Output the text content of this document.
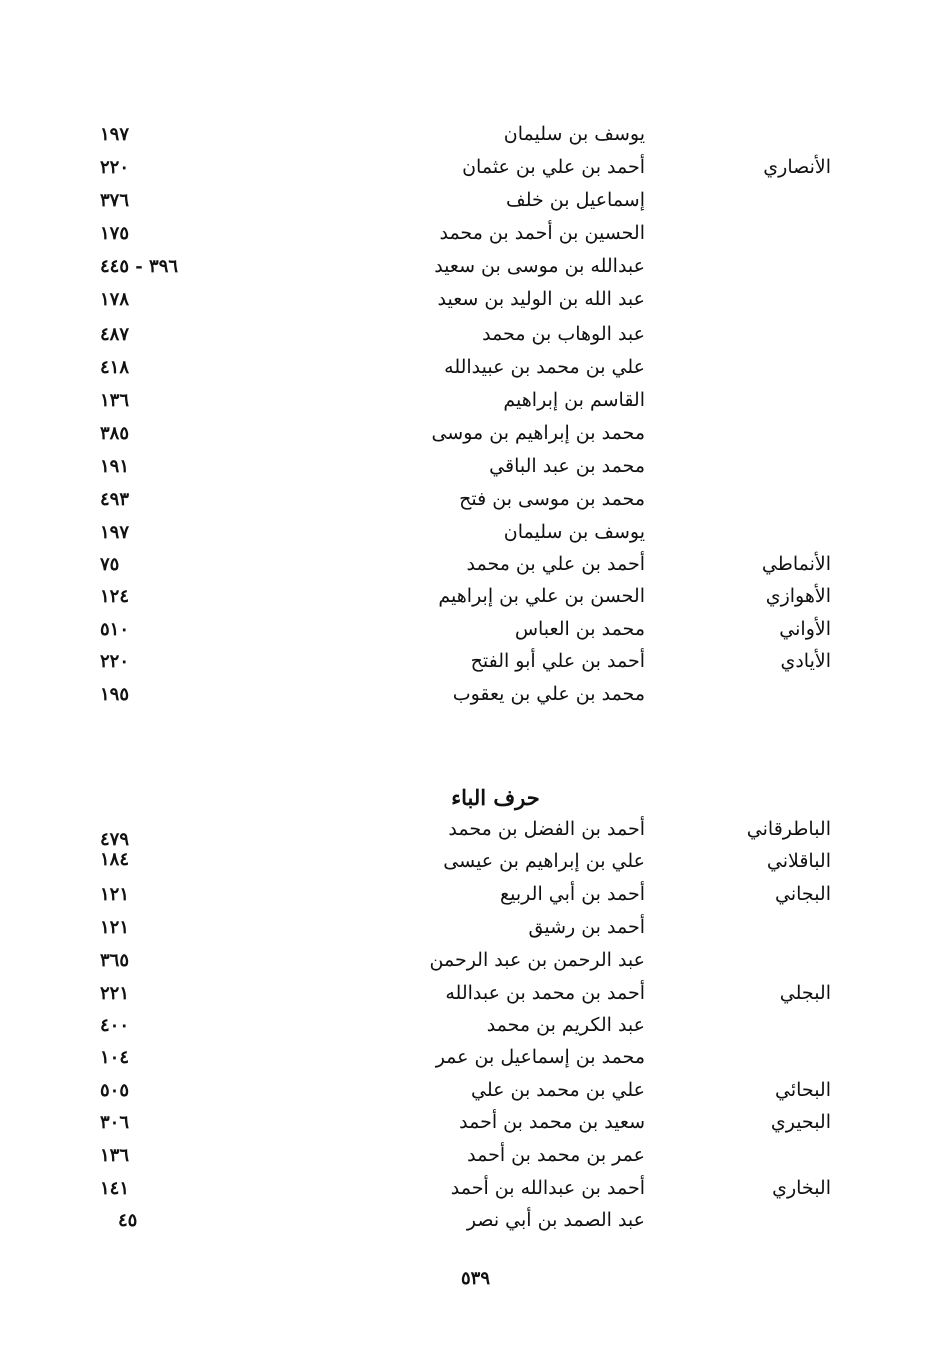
يوسف بن سليمان
١٩٧
الأنصاري
أحمد بن علي بن عثمان
٢٢٠
إسماعيل بن خلف
٣٧٦
الحسين بن أحمد بن محمد
١٧٥
عبدالله بن موسى بن سعيد
٣٩٦ - ٤٤٥
عبد الله بن الوليد بن سعيد
١٧٨
عبد الوهاب بن محمد
٤٨٧
علي بن محمد بن عبيدالله
٤١٨
القاسم بن إبراهيم
١٣٦
محمد بن إبراهيم بن موسى
٣٨٥
محمد بن عبد الباقي
١٩١
محمد بن موسى بن فتح
٤٩٣
يوسف بن سليمان
١٩٧
الأنماطي
أحمد بن علي بن محمد
٧٥
الأهوازي
الحسن بن علي بن إبراهيم
١٢٤
الأواني
محمد بن العباس
٥١٠
الأيادي
أحمد بن علي أبو الفتح
٢٢٠
محمد بن علي بن يعقوب
١٩٥
حرف الباء
الباطرقاني
أحمد بن الفضل بن محمد
٤٧٩
الباقلاني
علي بن إبراهيم بن عيسى
١٨٤
البجاني
أحمد بن أبي الربيع
١٢١
أحمد بن رشيق
١٢١
عبد الرحمن بن عبد الرحمن
٣٦٥
البجلي
أحمد بن محمد بن عبدالله
٢٢١
عبد الكريم بن محمد
٤٠٠
محمد بن إسماعيل بن عمر
١٠٤
البحائي
علي بن محمد بن علي
٥٠٥
البحيري
سعيد بن محمد بن أحمد
٣٠٦
عمر بن محمد بن أحمد
١٣٦
البخاري
أحمد بن عبدالله بن أحمد
١٤١
عبد الصمد بن أبي نصر
٤٥
٥٣٩
